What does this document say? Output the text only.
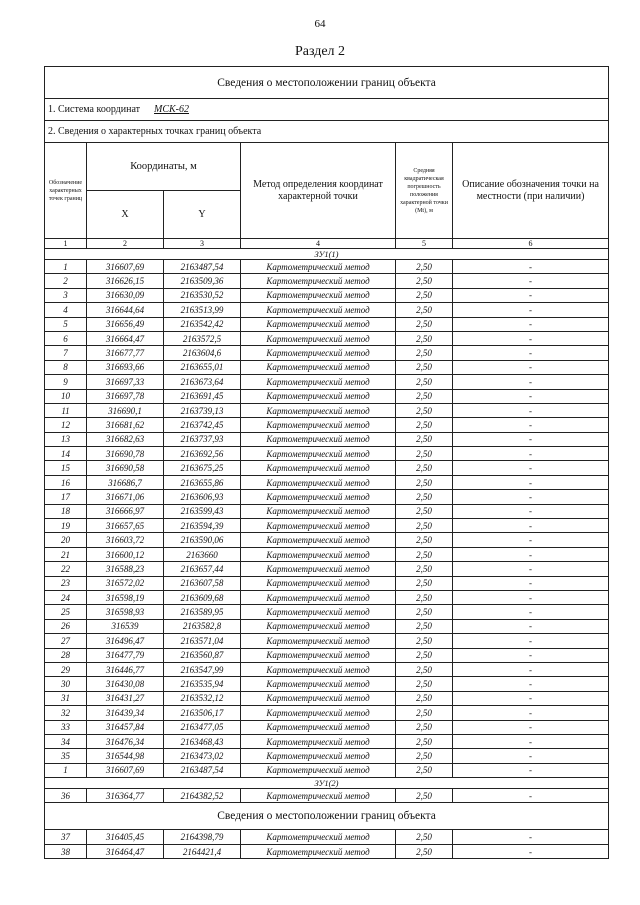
64
Раздел 2
Сведения о местоположении границ объекта					
1. Система координат МСК-62					
2. Сведения о характерных точках границ объекта					
Обозначение характерных точек границ	Координаты, м		Метод определения координат характерной точки	Средняя квадратическая погрешность положения характерной точки (Mt), м	Описание обозначения точки на местности (при наличии)
	X	Y			
1	2	3	4	5	6
ЗУ1(1)					
1	316607,69	2163487,54	Картометрический метод	2,50	-
2	316626,15	2163509,36	Картометрический метод	2,50	-
3	316630,09	2163530,52	Картометрический метод	2,50	-
4	316644,64	2163513,99	Картометрический метод	2,50	-
5	316656,49	2163542,42	Картометрический метод	2,50	-
6	316664,47	2163572,5	Картометрический метод	2,50	-
7	316677,77	2163604,6	Картометрический метод	2,50	-
8	316693,66	2163655,01	Картометрический метод	2,50	-
9	316697,33	2163673,64	Картометрический метод	2,50	-
10	316697,78	2163691,45	Картометрический метод	2,50	-
11	316690,1	2163739,13	Картометрический метод	2,50	-
12	316681,62	2163742,45	Картометрический метод	2,50	-
13	316682,63	2163737,93	Картометрический метод	2,50	-
14	316690,78	2163692,56	Картометрический метод	2,50	-
15	316690,58	2163675,25	Картометрический метод	2,50	-
16	316686,7	2163655,86	Картометрический метод	2,50	-
17	316671,06	2163606,93	Картометрический метод	2,50	-
18	316666,97	2163599,43	Картометрический метод	2,50	-
19	316657,65	2163594,39	Картометрический метод	2,50	-
20	316603,72	2163590,06	Картометрический метод	2,50	-
21	316600,12	2163660	Картометрический метод	2,50	-
22	316588,23	2163657,44	Картометрический метод	2,50	-
23	316572,02	2163607,58	Картометрический метод	2,50	-
24	316598,19	2163609,68	Картометрический метод	2,50	-
25	316598,93	2163589,95	Картометрический метод	2,50	-
26	316539	2163582,8	Картометрический метод	2,50	-
27	316496,47	2163571,04	Картометрический метод	2,50	-
28	316477,79	2163560,87	Картометрический метод	2,50	-
29	316446,77	2163547,99	Картометрический метод	2,50	-
30	316430,08	2163535,94	Картометрический метод	2,50	-
31	316431,27	2163532,12	Картометрический метод	2,50	-
32	316439,34	2163506,17	Картометрический метод	2,50	-
33	316457,84	2163477,05	Картометрический метод	2,50	-
34	316476,34	2163468,43	Картометрический метод	2,50	-
35	316544,98	2163473,02	Картометрический метод	2,50	-
1	316607,69	2163487,54	Картометрический метод	2,50	-
ЗУ1(2)					
36	316364,77	2164382,52	Картометрический метод	2,50	-
Сведения о местоположении границ объекта					
37	316405,45	2164398,79	Картометрический метод	2,50	-
38	316464,47	2164421,4	Картометрический метод	2,50	-
